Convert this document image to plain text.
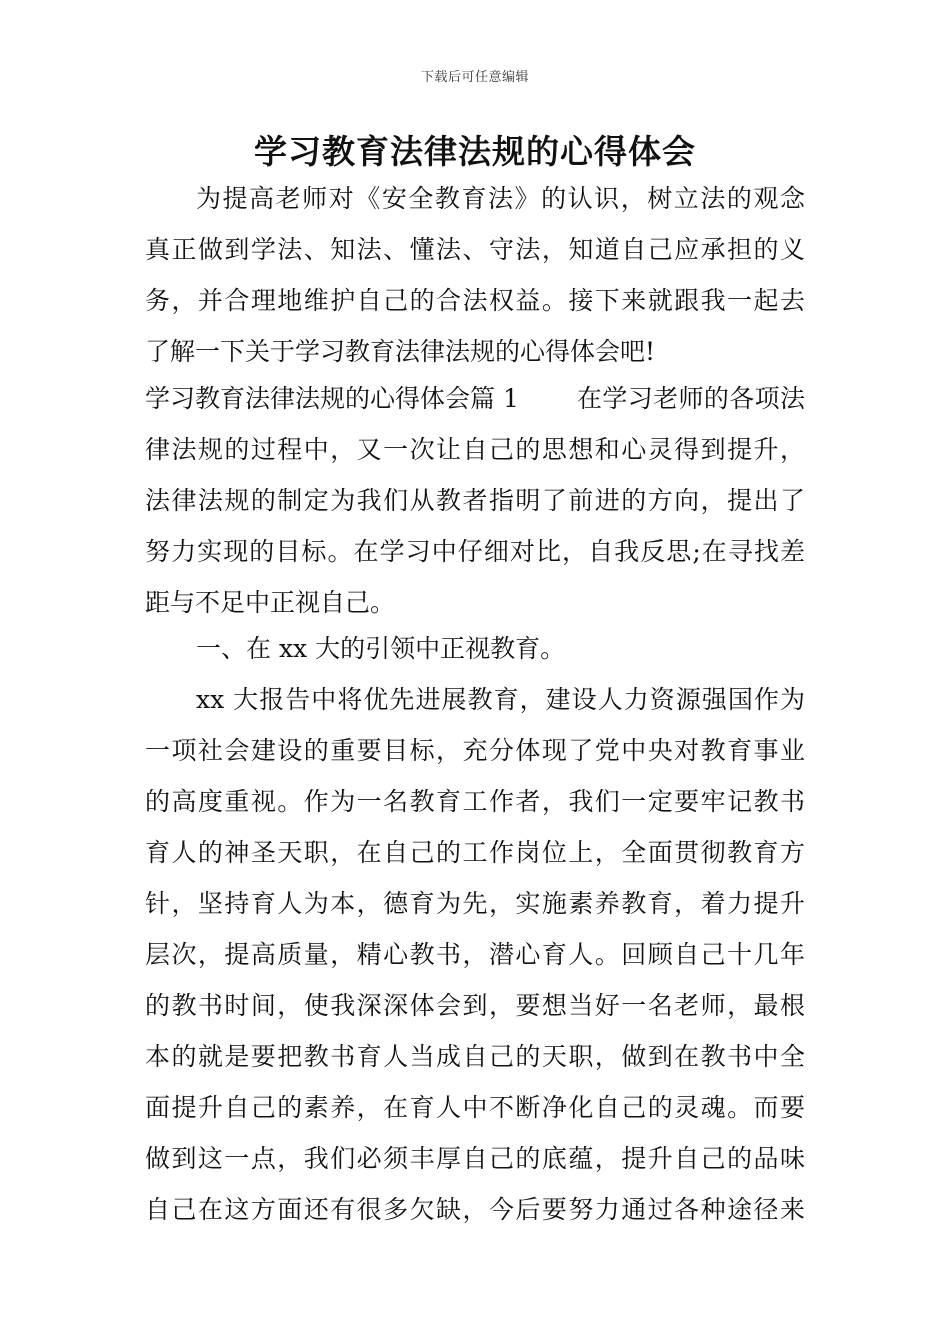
下载后可任意编辑
学习教育法律法规的心得体会
为提高老师对《安全教育法》的认识，树立法的观念
真正做到学法、知法、懂法、守法，知道自己应承担的义
务，并合理地维护自己的合法权益。接下来就跟我一起去
了解一下关于学习教育法律法规的心得体会吧!
学习教育法律法规的心得体会篇 1 在学习老师的各项法
律法规的过程中，又一次让自己的思想和心灵得到提升，
法律法规的制定为我们从教者指明了前进的方向，提出了
努力实现的目标。在学习中仔细对比，自我反思;在寻找差
距与不足中正视自己。
一、在 xx 大的引领中正视教育。
xx 大报告中将优先进展教育，建设人力资源强国作为
一项社会建设的重要目标，充分体现了党中央对教育事业
的高度重视。作为一名教育工作者，我们一定要牢记教书
育人的神圣天职，在自己的工作岗位上，全面贯彻教育方
针，坚持育人为本，德育为先，实施素养教育，着力提升
层次，提高质量，精心教书，潜心育人。回顾自己十几年
的教书时间，使我深深体会到，要想当好一名老师，最根
本的就是要把教书育人当成自己的天职，做到在教书中全
面提升自己的素养，在育人中不断净化自己的灵魂。而要
做到这一点，我们必须丰厚自己的底蕴，提升自己的品味
自己在这方面还有很多欠缺，今后要努力通过各种途径来
